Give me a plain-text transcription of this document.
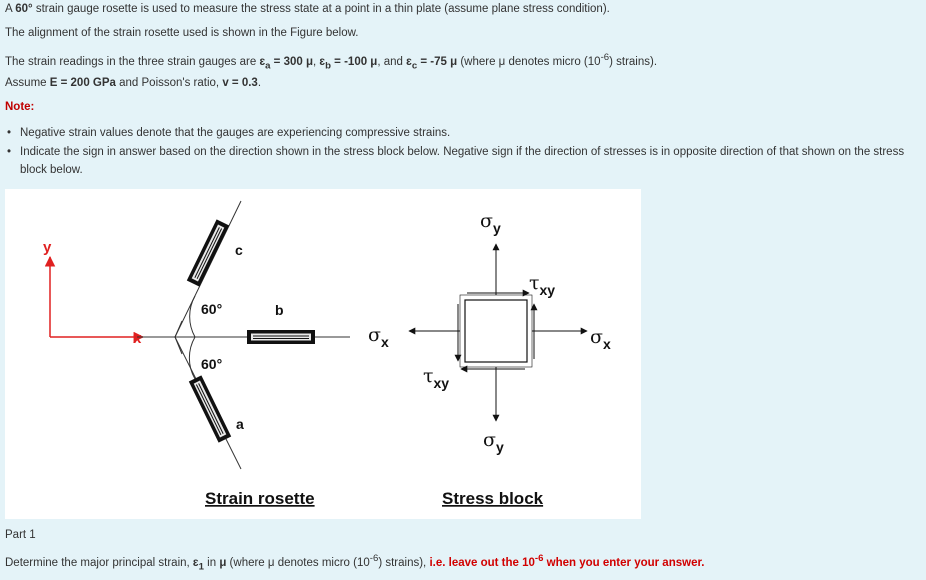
A 60° strain gauge rosette is used to measure the stress state at a point in a thin plate (assume plane stress condition).
The alignment of the strain rosette used is shown in the Figure below.
The strain readings in the three strain gauges are ɛ$_a$ = 300 μ, ɛ$_b$ = -100 μ, and ɛ$_c$ = -75 μ (where μ denotes micro $(10^{-6})$ strains).
Assume E = 200 GPa and Poisson's ratio, v = 0.3.
Note:
• Negative strain values denote that the gauges are experiencing compressive strains.
• Indicate the sign in answer based on the direction shown in the stress block below. Negative sign if the direction of stresses is in opposite direction of that shown on the stress block below.
y
x
60°
60°
c
b
a
Strain rosette
$\sigma_y$
$\sigma_y$
$\sigma_x$	$\sigma_x$
$\tau_{xy}$
$\tau_{xy}$
Stress block
Part 1
Determine the major principal strain, ɛ$_1$ in μ (where μ denotes micro $(10^{-6})$ strains), i.e. leave out the $10^{-6}$ when you enter your answer.
